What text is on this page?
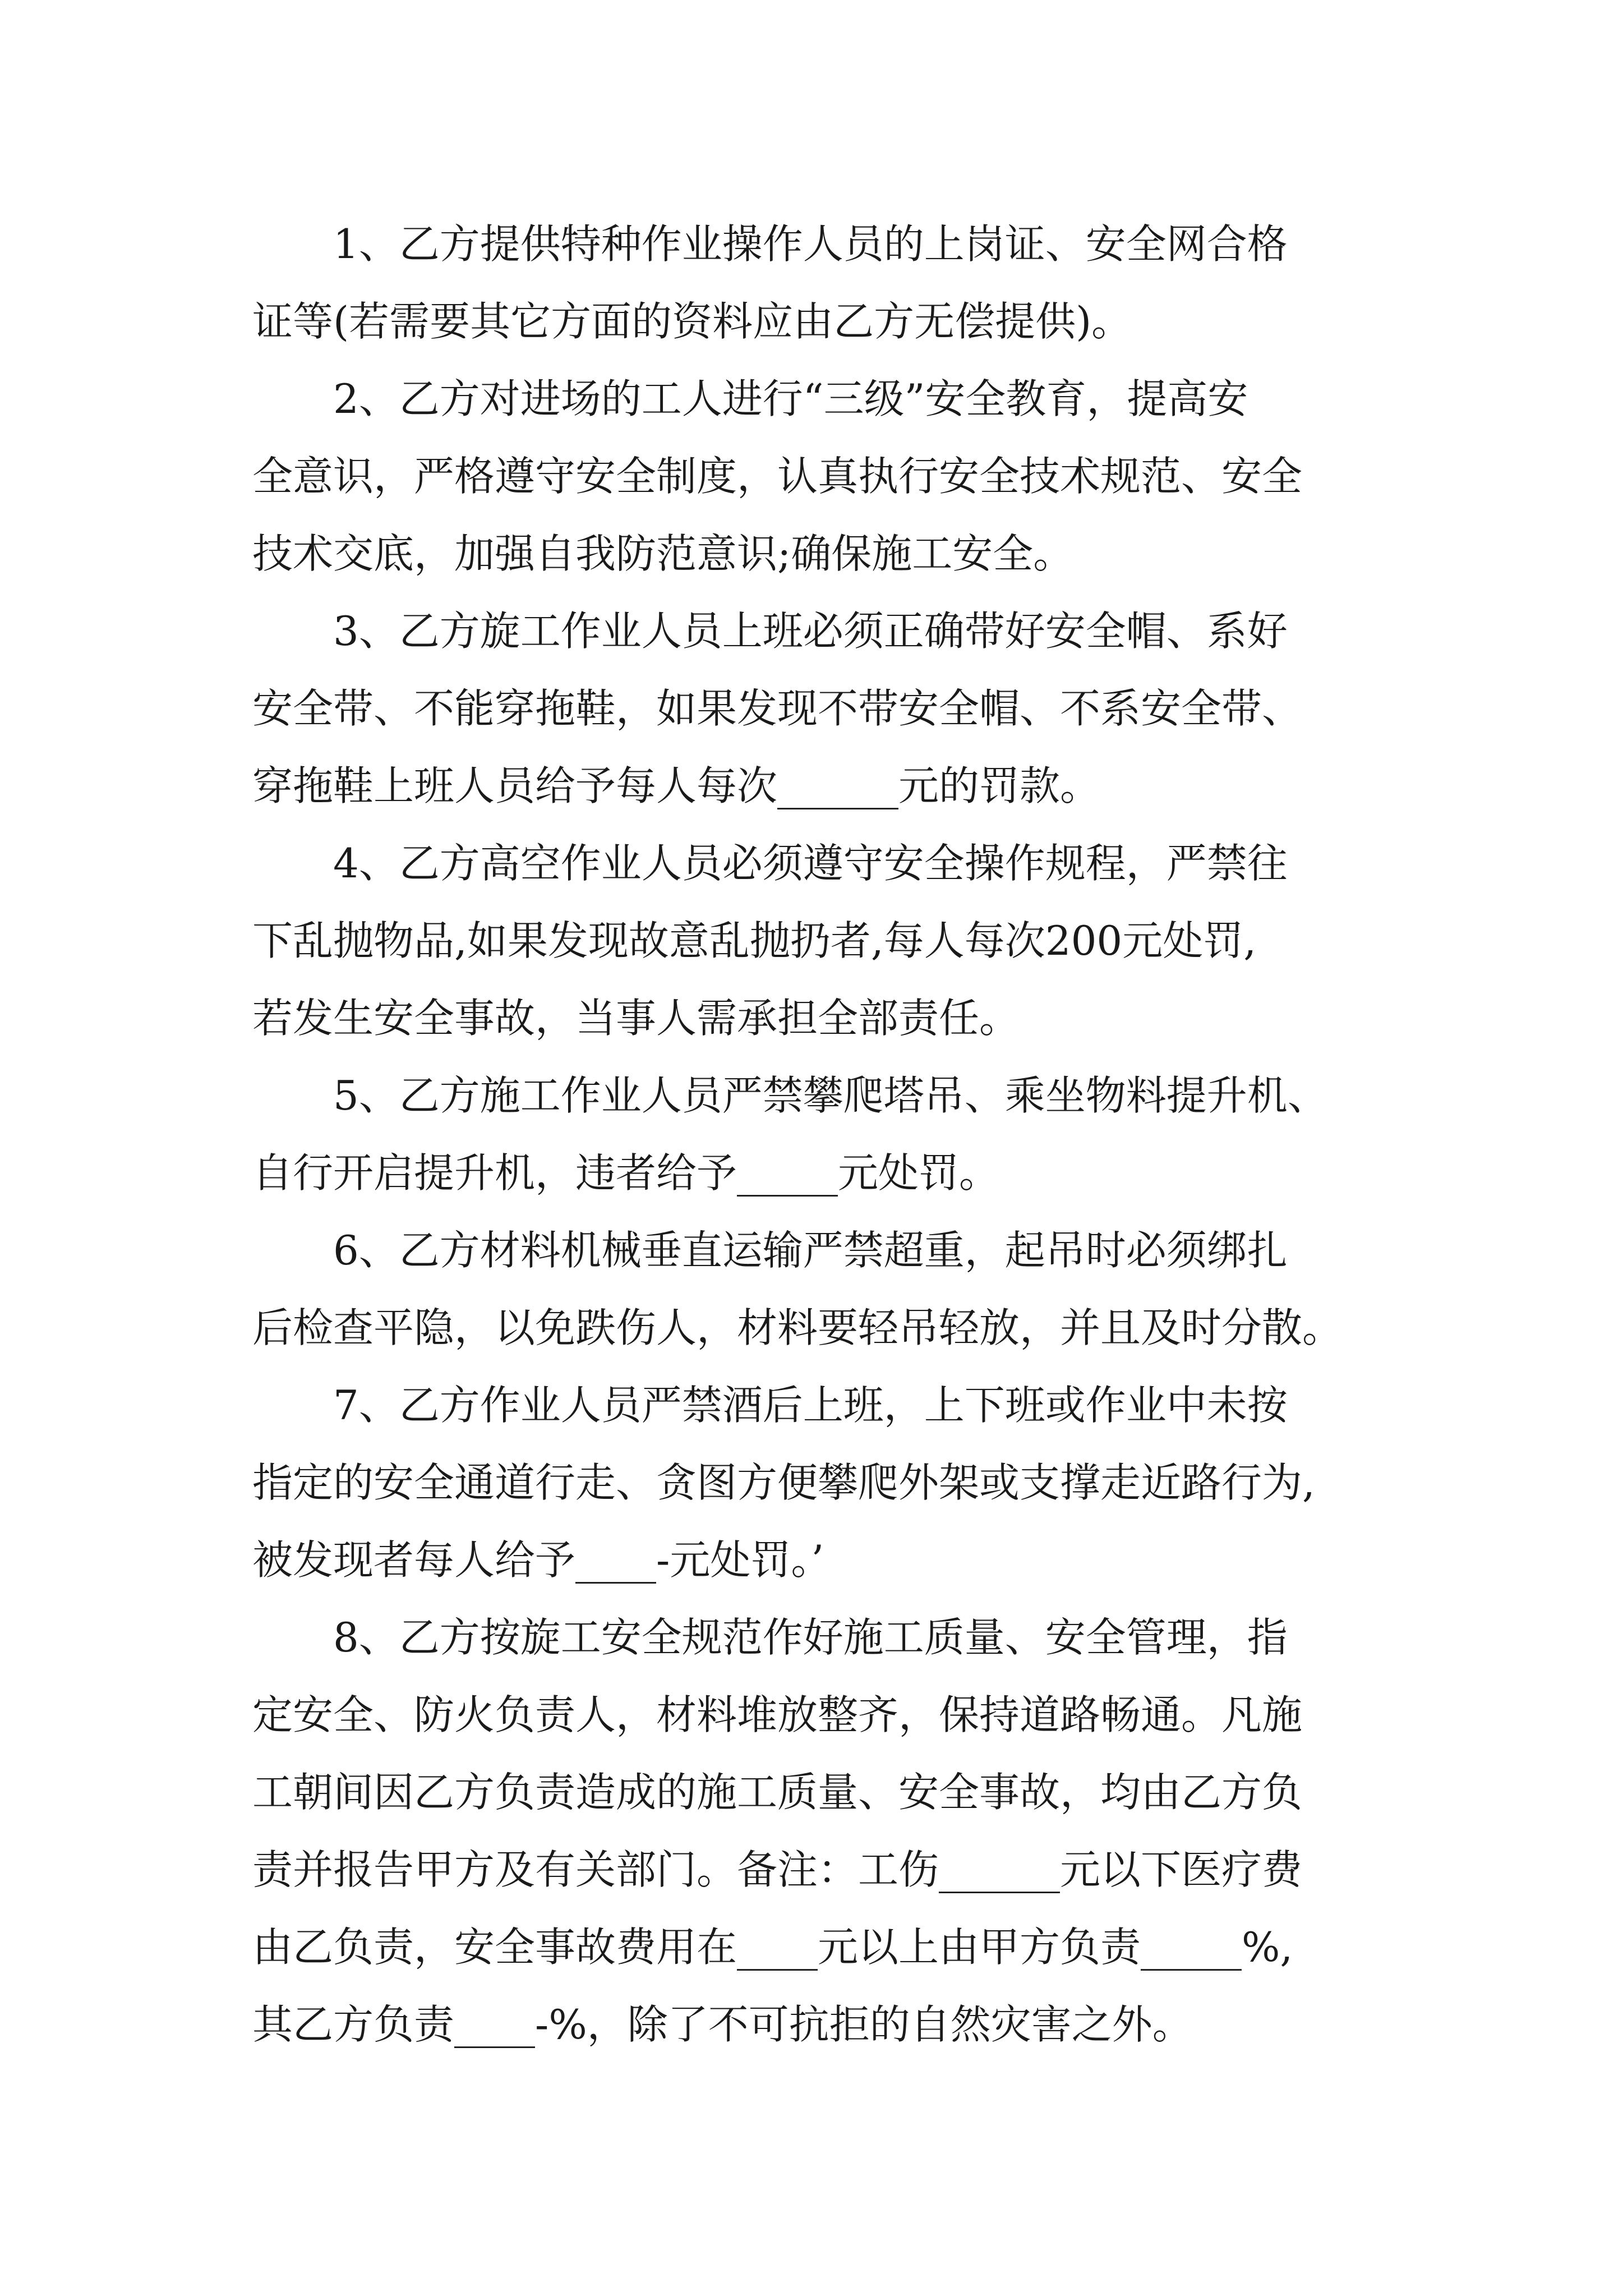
1、乙方提供特种作业操作人员的上岗证、安全网合格
证等(若需要其它方面的资料应由乙方无偿提供)。

2、乙方对进场的工人进行“三级”安全教育，提高安
全意识，严格遵守安全制度，认真执行安全技术规范、安全
技术交底，加强自我防范意识;确保施工安全。

3、乙方旋工作业人员上班必须正确带好安全帽、系好
安全带、不能穿拖鞋，如果发现不带安全帽、不系安全带、
穿拖鞋上班人员给予每人每次______元的罚款。

4、乙方高空作业人员必须遵守安全操作规程，严禁往
下乱抛物品,如果发现故意乱抛扔者,每人每次200元处罚,
若发生安全事故，当事人需承担全部责任。

5、乙方施工作业人员严禁攀爬塔吊、乘坐物料提升机、
自行开启提升机，违者给予_____元处罚。

6、乙方材料机械垂直运输严禁超重，起吊时必须绑扎
后检查平隐，以免跌伤人，材料要轻吊轻放，并且及时分散。

7、乙方作业人员严禁酒后上班，上下班或作业中未按
指定的安全通道行走、贪图方便攀爬外架或支撑走近路行为,
被发现者每人给予____-元处罚。’

8、乙方按旋工安全规范作好施工质量、安全管理，指
定安全、防火负责人，材料堆放整齐，保持道路畅通。凡施
工朝间因乙方负责造成的施工质量、安全事故，均由乙方负
责并报告甲方及有关部门。备注：工伤______元以下医疗费
由乙负责，安全事故费用在____元以上由甲方负责_____%,
其乙方负责____-%，除了不可抗拒的自然灾害之外。
